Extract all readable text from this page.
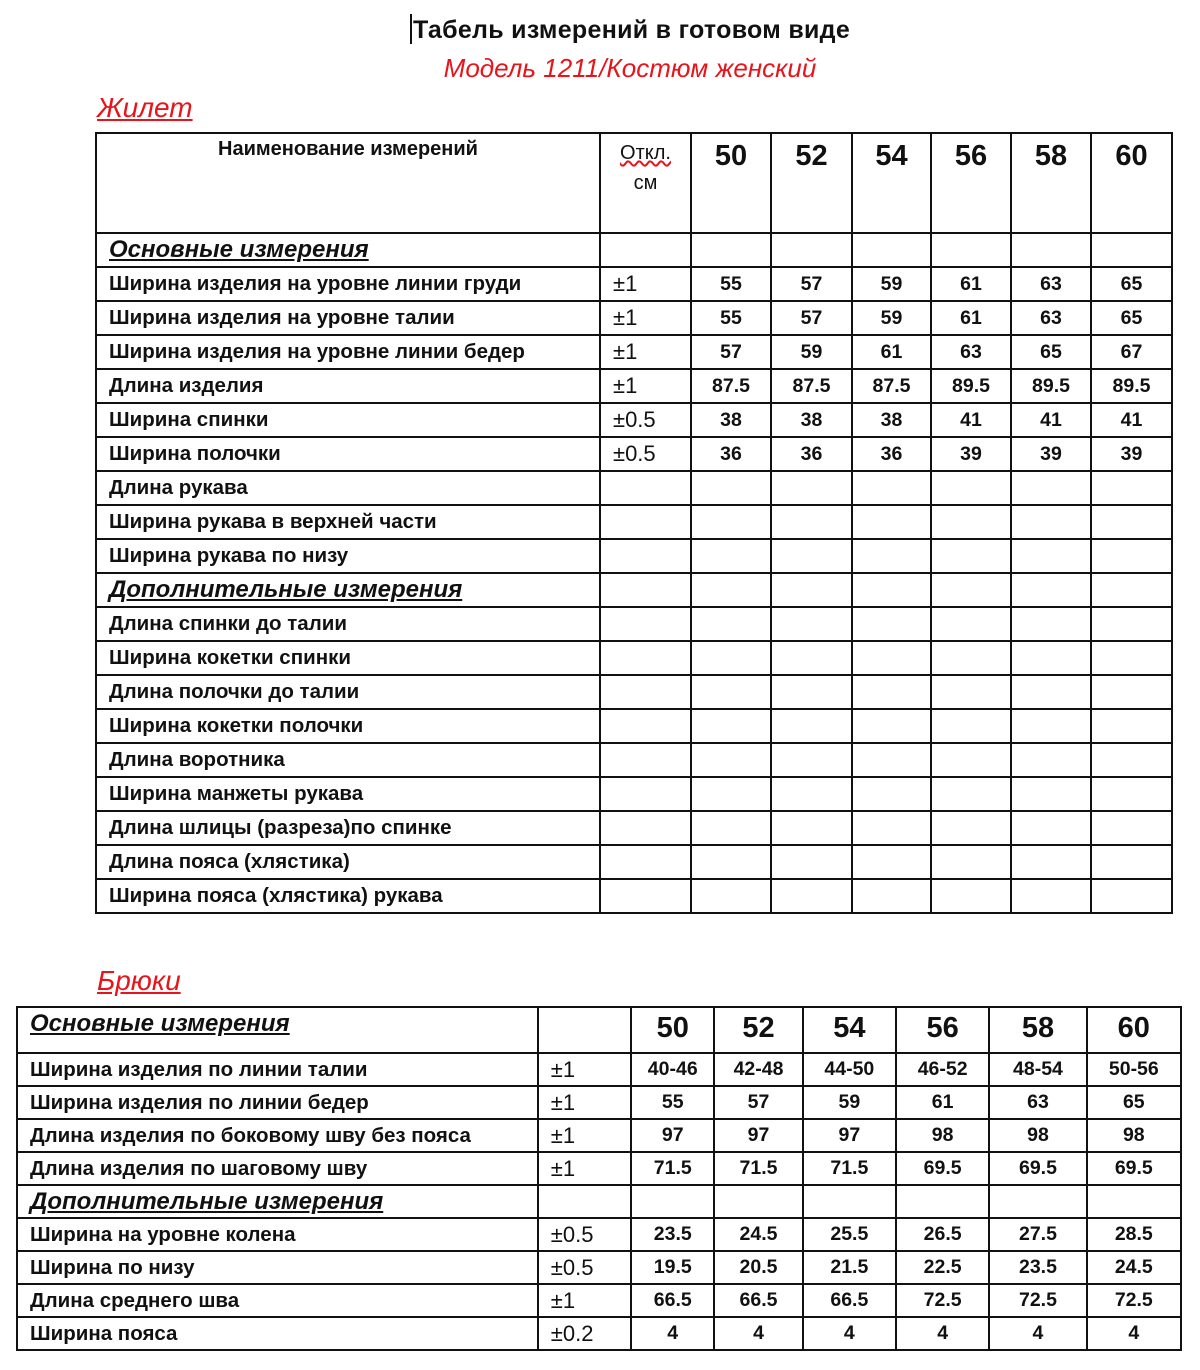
Табель измерений в готовом виде
Модель 1211/Костюм женский
Жилет
Наименование измерений	Откл.
см	50	52	54	56	58	60
Основные измерения							
Ширина изделия на уровне линии груди	±1	55	57	59	61	63	65
Ширина изделия на уровне талии	±1	55	57	59	61	63	65
Ширина изделия на уровне линии бедер	±1	57	59	61	63	65	67
Длина изделия	±1	87.5	87.5	87.5	89.5	89.5	89.5
Ширина спинки	±0.5	38	38	38	41	41	41
Ширина полочки	±0.5	36	36	36	39	39	39
Длина рукава							
Ширина рукава в верхней части							
Ширина рукава по низу							
Дополнительные измерения							
Длина спинки до талии							
Ширина кокетки спинки							
Длина полочки до талии							
Ширина кокетки полочки							
Длина воротника							
Ширина манжеты рукава							
Длина шлицы (разреза)по спинке							
Длина пояса (хлястика)							
Ширина пояса (хлястика) рукава							
Брюки
Основные измерения		50	52	54	56	58	60
Ширина изделия по линии талии	±1	40-46	42-48	44-50	46-52	48-54	50-56
Ширина изделия по линии бедер	±1	55	57	59	61	63	65
Длина изделия по боковому шву без пояса	±1	97	97	97	98	98	98
Длина изделия по шаговому шву	±1	71.5	71.5	71.5	69.5	69.5	69.5
Дополнительные измерения							
Ширина на уровне колена	±0.5	23.5	24.5	25.5	26.5	27.5	28.5
Ширина по низу	±0.5	19.5	20.5	21.5	22.5	23.5	24.5
Длина среднего шва	±1	66.5	66.5	66.5	72.5	72.5	72.5
Ширина пояса	±0.2	4	4	4	4	4	4
